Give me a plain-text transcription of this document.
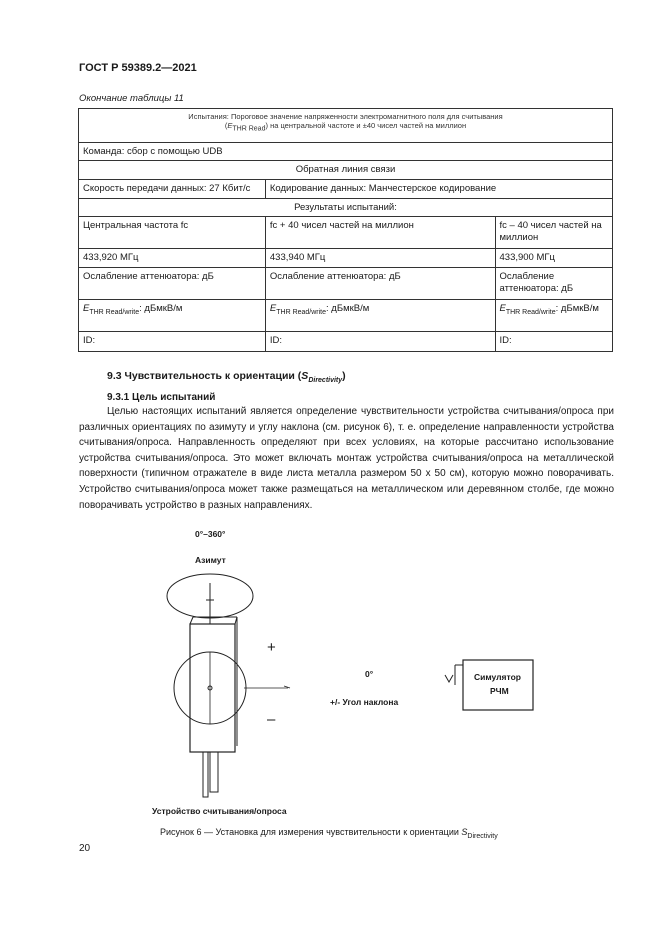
ГОСТ Р 59389.2—2021
Окончание таблицы 11
Испытания: Пороговое значение напряженности электромагнитного поля для считывания
$(E_{THR Read})$ на центральной частоте и ±40 чисел частей на миллион		
Команда: сбор с помощью UDB		
Обратная линия связи		
Скорость передачи данных: 27 Кбит/с	Кодирование данных: Манчестерское кодирование	
Результаты испытаний:		
Центральная частота fc	fc + 40 чисел частей на миллион	fc – 40 чисел частей на миллион
433,920 МГц	433,940 МГц	433,900 МГц
Ослабление аттенюатора: дБ	Ослабление аттенюатора: дБ	Ослабление аттенюатора: дБ
$E_{THR Read/write}$: дБмкВ/м	$E_{THR Read/write}$: дБмкВ/м	$E_{THR Read/write}$: дБмкВ/м
ID:	ID:	ID:
9.3 Чувствительность к ориентации $(S_{Directivity})$
9.3.1 Цель испытаний
Целью настоящих испытаний является определение чувствительности устройства считывания/опроса при различных ориентациях по азимуту и углу наклона (см. рисунок 6), т. е. определение направленности устройства считывания/опроса. Направленность определяют при всех условиях, на которые рассчитано использование устройства считывания/опроса. Это может включать монтаж устройства считывания/опроса на металлической поверхности (типичном отражателе в виде листа металла размером 50 х 50 см), которую можно поворачивать. Устройство считывания/опроса может также размещаться на металлическом или деревянном столбе, где можно поворачивать устройство в разных направлениях.
0°–360°
Азимут
+
–
0°
+/- Угол наклона
Симулятор
РЧМ
Устройство считывания/опроса
Рисунок 6 — Установка для измерения чувствительности к ориентации $S_{Directivity}$
20
